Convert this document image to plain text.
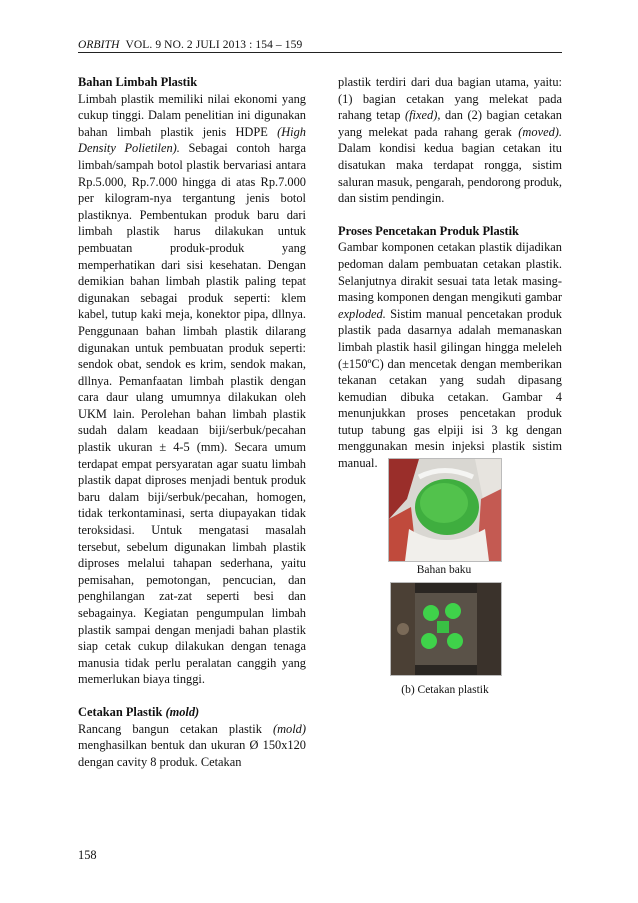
ORBITH VOL. 9 NO. 2 JULI 2013 : 154 – 159
Bahan Limbah Plastik

Limbah plastik memiliki nilai ekonomi yang cukup tinggi. Dalam penelitian ini digunakan bahan limbah plastik jenis HDPE (High Density Polietilen). Sebagai contoh harga limbah/sampah botol plastik bervariasi antara Rp.5.000, Rp.7.000 hingga di atas Rp.7.000 per kilogram-nya tergantung jenis botol plastiknya. Pembentukan produk baru dari limbah plastik harus dilakukan untuk pembuatan produk-produk yang memperhatikan dari sisi kesehatan. Dengan demikian bahan limbah plastik paling tepat digunakan sebagai produk seperti: klem kabel, tutup kaki meja, konektor pipa, dllnya. Penggunaan bahan limbah plastik dilarang digunakan untuk pembuatan produk seperti: sendok obat, sendok es krim, sendok makan, dllnya. Pemanfaatan limbah plastik dengan cara daur ulang umumnya dilakukan oleh UKM lain. Perolehan bahan limbah plastik sudah dalam keadaan biji/serbuk/pecahan plastik ukuran ± 4-5 (mm). Secara umum terdapat empat persyaratan agar suatu limbah plastik dapat diproses menjadi bentuk produk baru dalam biji/serbuk/pecahan, homogen, tidak terkontaminasi, serta diupayakan tidak teroksidasi. Untuk mengatasi masalah tersebut, sebelum digunakan limbah plastik diproses melalui tahapan sederhana, yaitu pemisahan, pemotongan, pencucian, dan penghilangan zat-zat seperti besi dan sebagainya. Kegiatan pengumpulan limbah plastik sampai dengan menjadi bahan plastik siap cetak cukup dilakukan dengan tenaga manusia tidak perlu peralatan canggih yang memerlukan biaya tinggi.

Cetakan Plastik (mold)

Rancang bangun cetakan plastik (mold) menghasilkan bentuk dan ukuran Ø 150x120 dengan cavity 8 produk. Cetakan

plastik terdiri dari dua bagian utama, yaitu: (1) bagian cetakan yang melekat pada rahang tetap (fixed), dan (2) bagian cetakan yang melekat pada rahang gerak (moved). Dalam kondisi kedua bagian cetakan itu disatukan maka terdapat rongga, sistim saluran masuk, pengarah, pendorong produk, dan sistim pendingin.

Proses Pencetakan Produk Plastik

Gambar komponen cetakan plastik dijadikan pedoman dalam pembuatan cetakan plastik. Selanjutnya dirakit sesuai tata letak masing-masing komponen dengan mengikuti gambar exploded. Sistim manual pencetakan produk plastik pada dasarnya adalah memanaskan limbah plastik hasil gilingan hingga meleleh (±150ºC) dan mencetak dengan memberikan tekanan cetakan yang sudah dipasang kemudian dibuka cetakan. Gambar 4 menunjukkan proses pencetakan produk tutup tabung gas elpiji isi 3 kg dengan menggunakan mesin injeksi plastik sistim manual.

Bahan baku
(b) Cetakan plastik
158
